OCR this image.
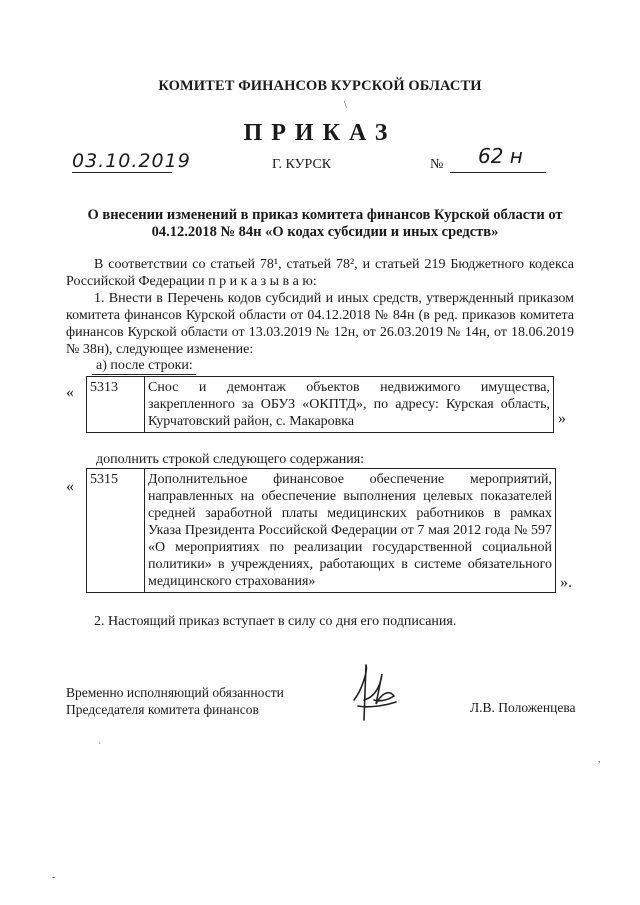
КОМИТЕТ ФИНАНСОВ КУРСКОЙ ОБЛАСТИ
\
ПРИКАЗ
03.10.2019	Г. КУРСК	№ 62 н
О внесении изменений в приказ комитета финансов Курской области от 04.12.2018 № 84н «О кодах субсидии и иных средств»
В соответствии со статьей 78¹, статьей 78², и статьей 219 Бюджетного кодекса Российской Федерации п р и к а з ы в а ю:
1. Внести в Перечень кодов субсидий и иных средств, утвержденный приказом комитета финансов Курской области от 04.12.2018 № 84н (в ред. приказов комитета финансов Курской области от 13.03.2019 № 12н, от 26.03.2019 № 14н, от 18.06.2019 № 38н), следующее изменение:
а) после строки:
« 5313	Снос и демонтаж объектов недвижимого имущества, закрепленного за ОБУЗ «ОКПТД», по адресу: Курская область, Курчатовский район, с. Макаровка	»
дополнить строкой следующего содержания:
« 5315	Дополнительное финансовое обеспечение мероприятий, направленных на обеспечение выполнения целевых показателей средней заработной платы медицинских работников в рамках Указа Президента Российской Федерации от 7 мая 2012 года № 597 «О мероприятиях по реализации государственной социальной политики» в учреждениях, работающих в системе обязательного медицинского страхования»	».
2. Настоящий приказ вступает в силу со дня его подписания.
Временно исполняющий обязанности
Председателя комитета финансов	Л.В. Положенцева
`
,
-
